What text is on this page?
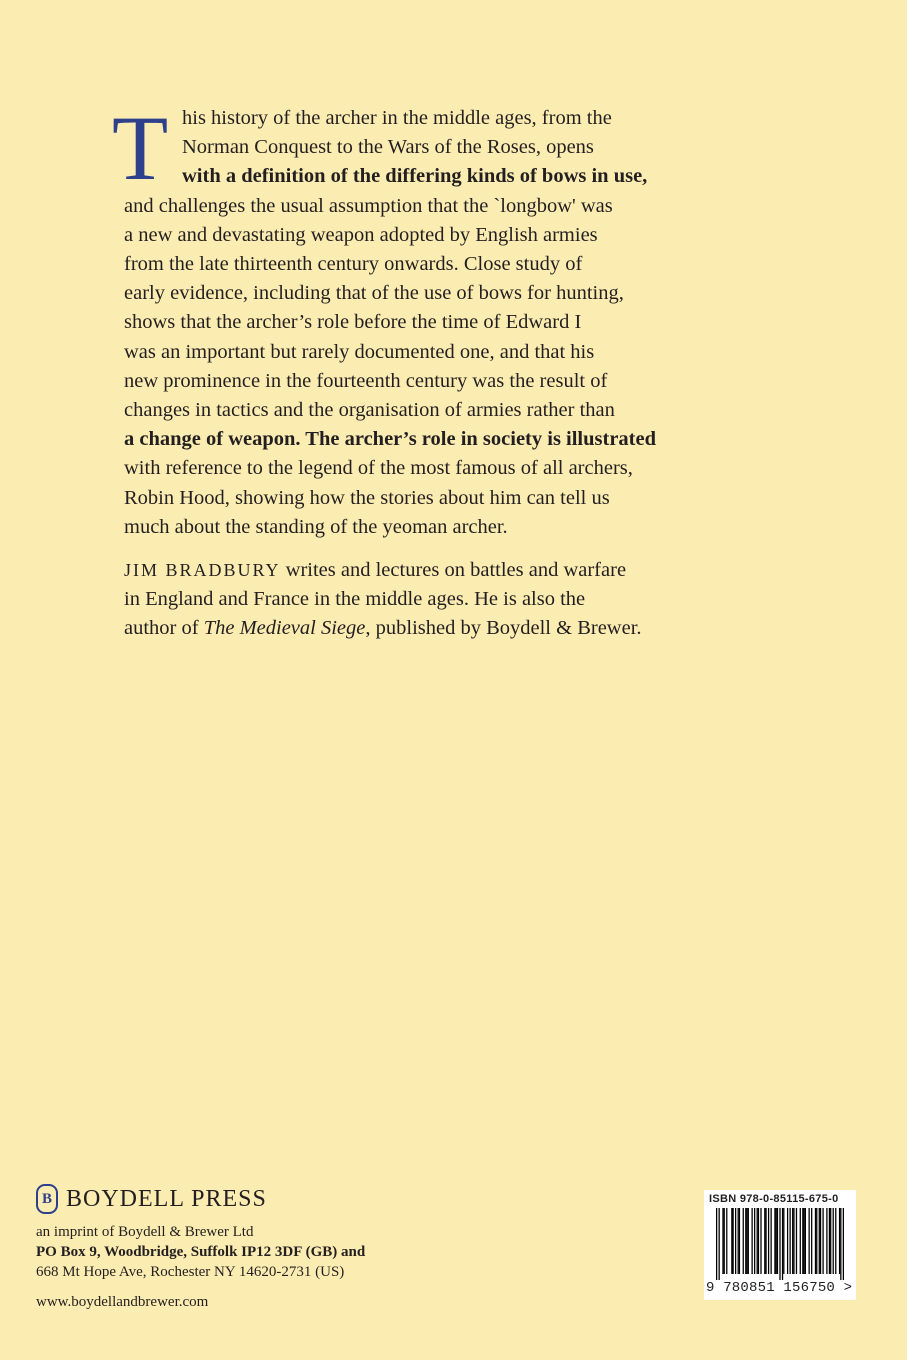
T his history of the archer in the middle ages, from the
Norman Conquest to the Wars of the Roses, opens
with a definition of the differing kinds of bows in use,
and challenges the usual assumption that the `longbow' was
a new and devastating weapon adopted by English armies
from the late thirteenth century onwards. Close study of
early evidence, including that of the use of bows for hunting,
shows that the archer’s role before the time of Edward I
was an important but rarely documented one, and that his
new prominence in the fourteenth century was the result of
changes in tactics and the organisation of armies rather than
a change of weapon. The archer’s role in society is illustrated
with reference to the legend of the most famous of all archers,
Robin Hood, showing how the stories about him can tell us
much about the standing of the yeoman archer.

JIM BRADBURY writes and lectures on battles and warfare
in England and France in the middle ages. He is also the
author of The Medieval Siege, published by Boydell & Brewer.

B BOYDELL PRESS
an imprint of Boydell & Brewer Ltd
PO Box 9, Woodbridge, Suffolk IP12 3DF (GB) and
668 Mt Hope Ave, Rochester NY 14620-2731 (US)
www.boydellandbrewer.com
ISBN 978-0-85115-675-0
9 780851 156750 >
